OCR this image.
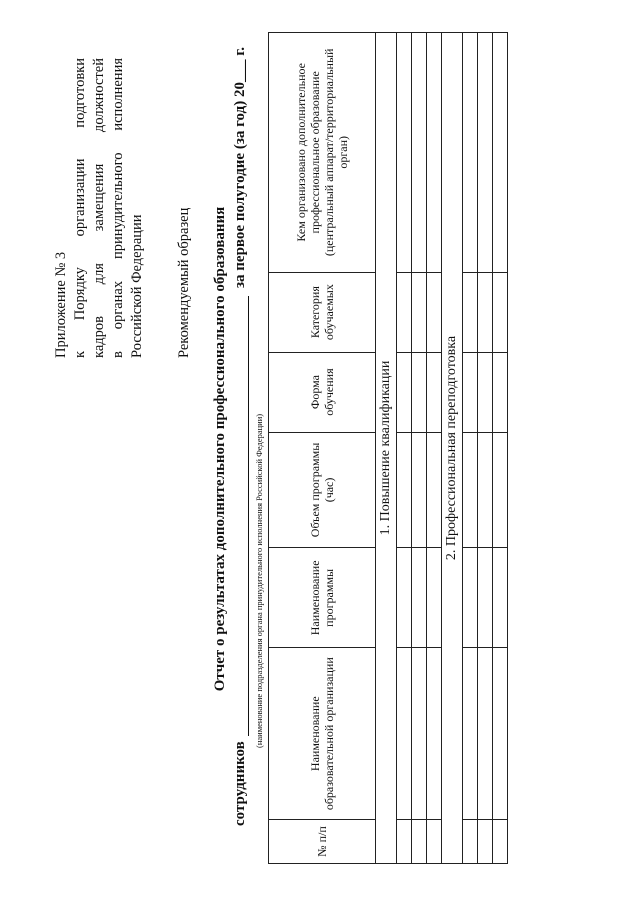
Приложение № 3 к
Порядку
организации
подготовки
кадров
для
замещения
должностей
в
органах
принудительного
исполнения
Российской Федерации Рекомендуемый образец Отчет о результатах дополнительного профессионального образования
сотрудников
за первое полугодие (за год) 20___ г.
(наименование подразделения органа принудительного исполнения Российской Федерации)
№ п/п	Наименование образовательной организации	Наименование программы	Объем программы (час)	Форма обучения	Категория обучаемых	Кем организовано дополнительное профессиональное образование (центральный аппарат/территориальный орган)
1. Повышение квалификации						

2. Профессиональная переподготовка						
